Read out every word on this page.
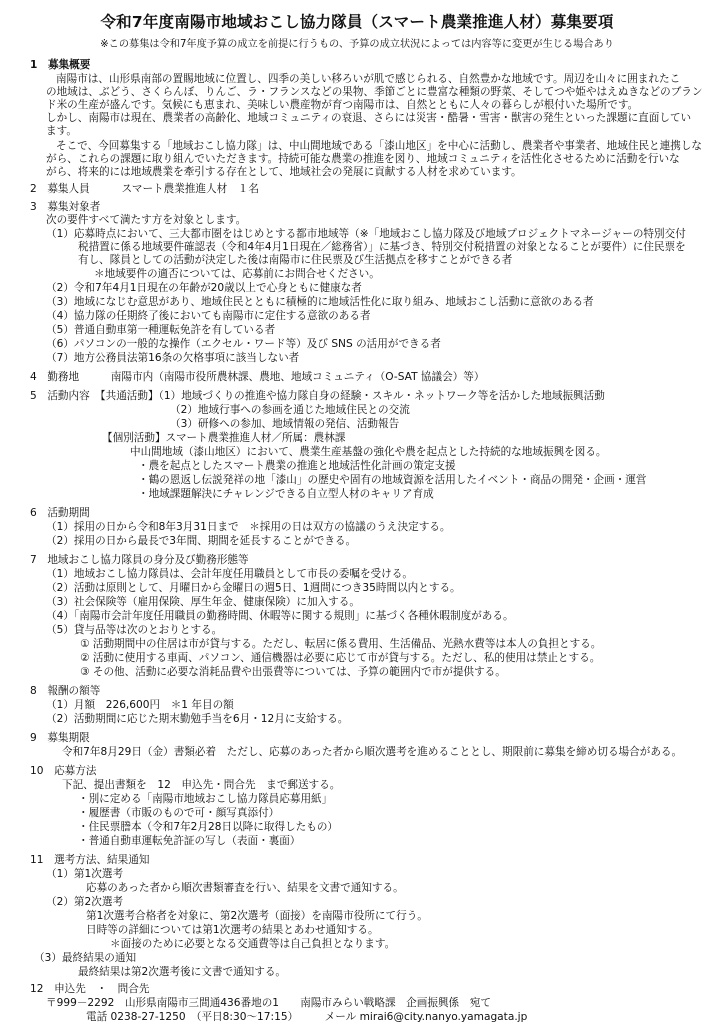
令和7年度南陽市地域おこし協力隊員（スマート農業推進人材）募集要項
※この募集は令和7年度予算の成立を前提に行うもの、予算の成立状況によっては内容等に変更が生じる場合あり
1　募集概要
南陽市は、山形県南部の置賜地域に位置し、四季の美しい移ろいが肌で感じられる、自然豊かな地域です。周辺を山々に囲まれたこ
の地域は、ぶどう、さくらんぼ、りんご、ラ・フランスなどの果物、季節ごとに豊富な種類の野菜、そしてつや姫やはえぬきなどのブラン
ド米の生産が盛んです。気候にも恵まれ、美味しい農産物が育つ南陽市は、自然とともに人々の暮らしが根付いた場所です。
しかし、南陽市は現在、農業者の高齢化、地域コミュニティの衰退、さらには災害・酷暑・雪害・獣害の発生といった課題に直面してい
ます。
そこで、今回募集する「地域おこし協力隊」は、中山間地域である「漆山地区」を中心に活動し、農業者や事業者、地域住民と連携しな
がら、これらの課題に取り組んでいただきます。持続可能な農業の推進を図り、地域コミュニティを活性化させるために活動を行いな
がら、将来的には地域農業を牽引する存在として、地域社会の発展に貢献する人材を求めています。
2　募集人員　　　スマート農業推進人材　１名
3　募集対象者
次の要件すべて満たす方を対象とします。
（1）応募時点において、三大都市圏をはじめとする都市地域等（※「地域おこし協力隊及び地域プロジェクトマネージャーの特別交付
税措置に係る地域要件確認表（令和4年4月1日現在／総務省）」に基づき、特別交付税措置の対象となることが要件）に住民票を
有し、隊員としての活動が決定した後は南陽市に住民票及び生活拠点を移すことができる者
＊地域要件の適否については、応募前にお問合せください。
（2）令和7年4月1日現在の年齢が20歳以上で心身ともに健康な者
（3）地域になじむ意思があり、地域住民とともに積極的に地域活性化に取り組み、地域おこし活動に意欲のある者
（4）協力隊の任期終了後においても南陽市に定住する意欲のある者
（5）普通自動車第一種運転免許を有している者
（6）パソコンの一般的な操作（エクセル・ワード等）及び SNS の活用ができる者
（7）地方公務員法第16条の欠格事項に該当しない者
4　勤務地　　　南陽市内（南陽市役所農林課、農地、地域コミュニティ（O-SAT 協議会）等）
5　活動内容　【共通活動】（1）地域づくりの推進や協力隊自身の経験・スキル・ネットワーク等を活かした地域振興活動
（2）地域行事への参画を通じた地域住民との交流
（3）研修への参加、地域情報の発信、活動報告
【個別活動】スマート農業推進人材／所属：農林課
中山間地域（漆山地区）において、農業生産基盤の強化や農を起点とした持続的な地域振興を図る。
・農を起点としたスマート農業の推進と地域活性化計画の策定支援
・鶴の恩返し伝説発祥の地「漆山」の歴史や固有の地域資源を活用したイベント・商品の開発・企画・運営
・地域課題解決にチャレンジできる自立型人材のキャリア育成
6　活動期間
（1）採用の日から令和8年3月31日まで　＊採用の日は双方の協議のうえ決定する。
（2）採用の日から最長で3年間、期間を延長することができる。
7　地域おこし協力隊員の身分及び勤務形態等
（1）地域おこし協力隊員は、会計年度任用職員として市長の委嘱を受ける。
（2）活動は原則として、月曜日から金曜日の週5日、1週間につき35時間以内とする。
（3）社会保険等（雇用保険、厚生年金、健康保険）に加入する。
（4）「南陽市会計年度任用職員の勤務時間、休暇等に関する規則」に基づく各種休暇制度がある。
（5）貸与品等は次のとおりとする。
① 活動期間中の住居は市が貸与する。ただし、転居に係る費用、生活備品、光熱水費等は本人の負担とする。
② 活動に使用する車両、パソコン、通信機器は必要に応じて市が貸与する。ただし、私的使用は禁止とする。
③ その他、活動に必要な消耗品費や出張費等については、予算の範囲内で市が提供する。
8　報酬の額等
（1）月額　226,600円　＊1 年目の額
（2）活動期間に応じた期末勤勉手当を6月・12月に支給する。
9　募集期限
令和7年8月29日（金）書類必着　ただし、応募のあった者から順次選考を進めることとし、期限前に募集を締め切る場合がある。
10　応募方法
下記、提出書類を　12　申込先・問合先　まで郵送する。
・別に定める「南陽市地域おこし協力隊員応募用紙」
・履歴書（市販のもので可・顔写真添付）
・住民票謄本（令和7年2月28日以降に取得したもの）
・普通自動車運転免許証の写し（表面・裏面）
11　選考方法、結果通知
（1）第1次選考
応募のあった者から順次書類審査を行い、結果を文書で通知する。
（2）第2次選考
第1次選考合格者を対象に、第2次選考（面接）を南陽市役所にて行う。
日時等の詳細については第1次選考の結果とあわせ通知する。
＊面接のために必要となる交通費等は自己負担となります。
（3）最終結果の通知
最終結果は第2次選考後に文書で通知する。
12　申込先　・　問合先
〒999－2292　山形県南陽市三間通436番地の1　　南陽市みらい戦略課　企画振興係　宛て
電話 0238-27-1250　（平日8:30～17:15）　　　メール mirai6@city.nanyo.yamagata.jp
